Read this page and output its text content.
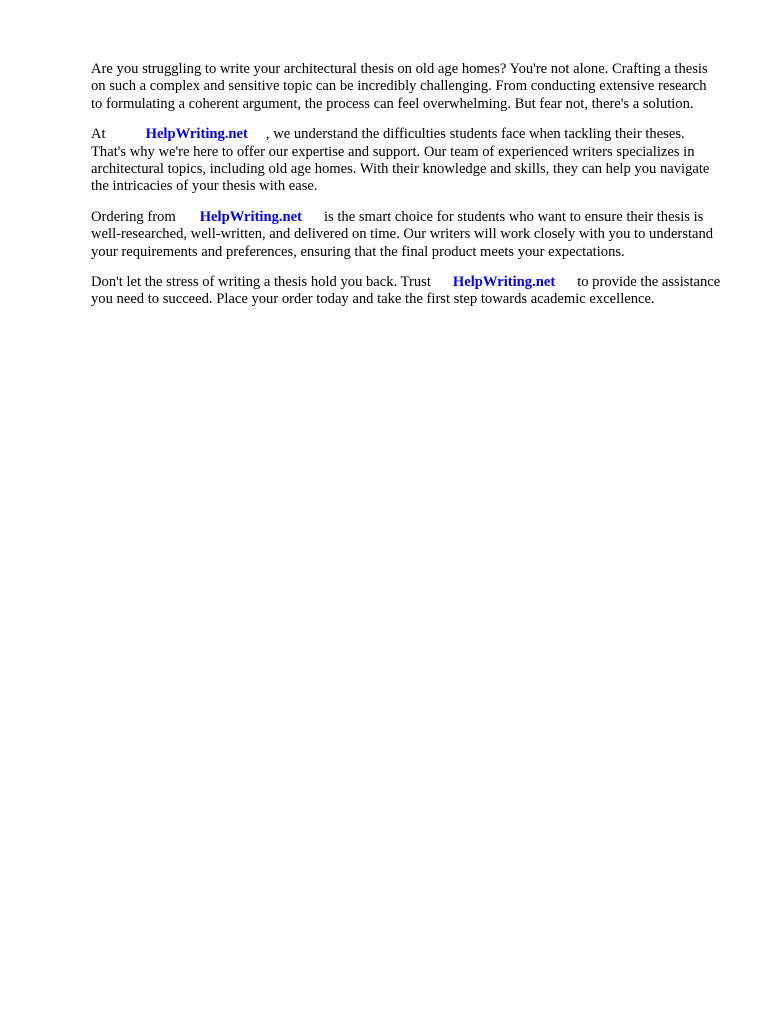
Are you struggling to write your architectural thesis on old age homes? You're not alone. Crafting a thesis on such a complex and sensitive topic can be incredibly challenging. From conducting extensive research to formulating a coherent argument, the process can feel overwhelming. But fear not, there's a solution.

At	HelpWriting.net , we understand the difficulties students face when tackling their theses. That's why we're here to offer our expertise and support. Our team of experienced writers specializes in architectural topics, including old age homes. With their knowledge and skills, they can help you navigate the intricacies of your thesis with ease.

Ordering from HelpWriting.net is the smart choice for students who want to ensure their thesis is well-researched, well-written, and delivered on time. Our writers will work closely with you to understand your requirements and preferences, ensuring that the final product meets your expectations.

Don't let the stress of writing a thesis hold you back. Trust HelpWriting.net to provide the assistance you need to succeed. Place your order today and take the first step towards academic excellence.
